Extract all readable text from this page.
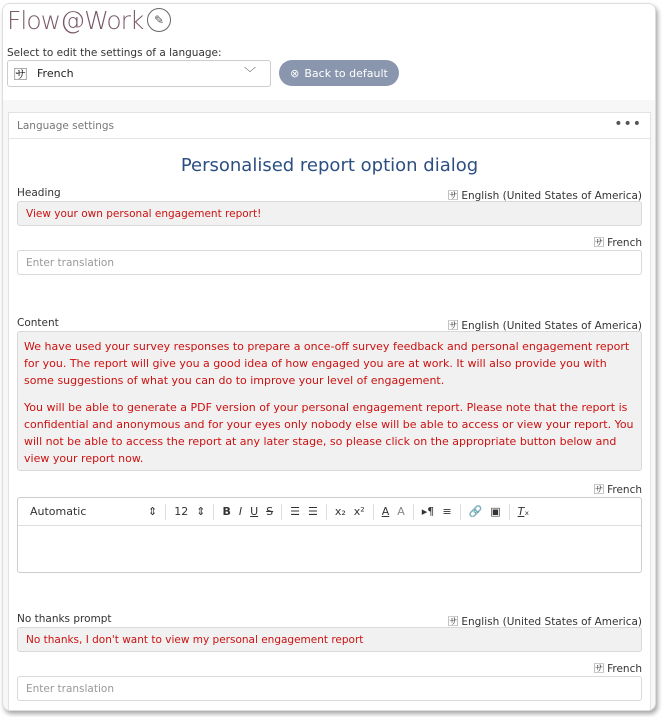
Flow@Work ✎
Select to edit the settings of a language:
🈂 French	﹀	⊗ Back to default
Language settings	•••
Personalised report option dialog
Heading	🈂 English (United States of America)
View your own personal engagement report!
🈂 French
Enter translation
Content	🈂 English (United States of America)

We have used your survey responses to prepare a once-off survey feedback and personal engagement report for you. The report will give you a good idea of how engaged you are at work. It will also provide you with some suggestions of what you can do to improve your level of engagement.

You will be able to generate a PDF version of your personal engagement report. Please note that the report is confidential and anonymous and for your eyes only nobody else will be able to access or view your report. You will not be able to access the report at any later stage, so please click on the appropriate button below and view your report now.

🈂 French
Automatic	⇕ 12 ⇕ B I U S ☰ ☰ x₂ x² A A ▸¶ ≡ 🔗 ▣ Tₓ
No thanks prompt	🈂 English (United States of America)
No thanks, I don't want to view my personal engagement report
🈂 French
Enter translation
